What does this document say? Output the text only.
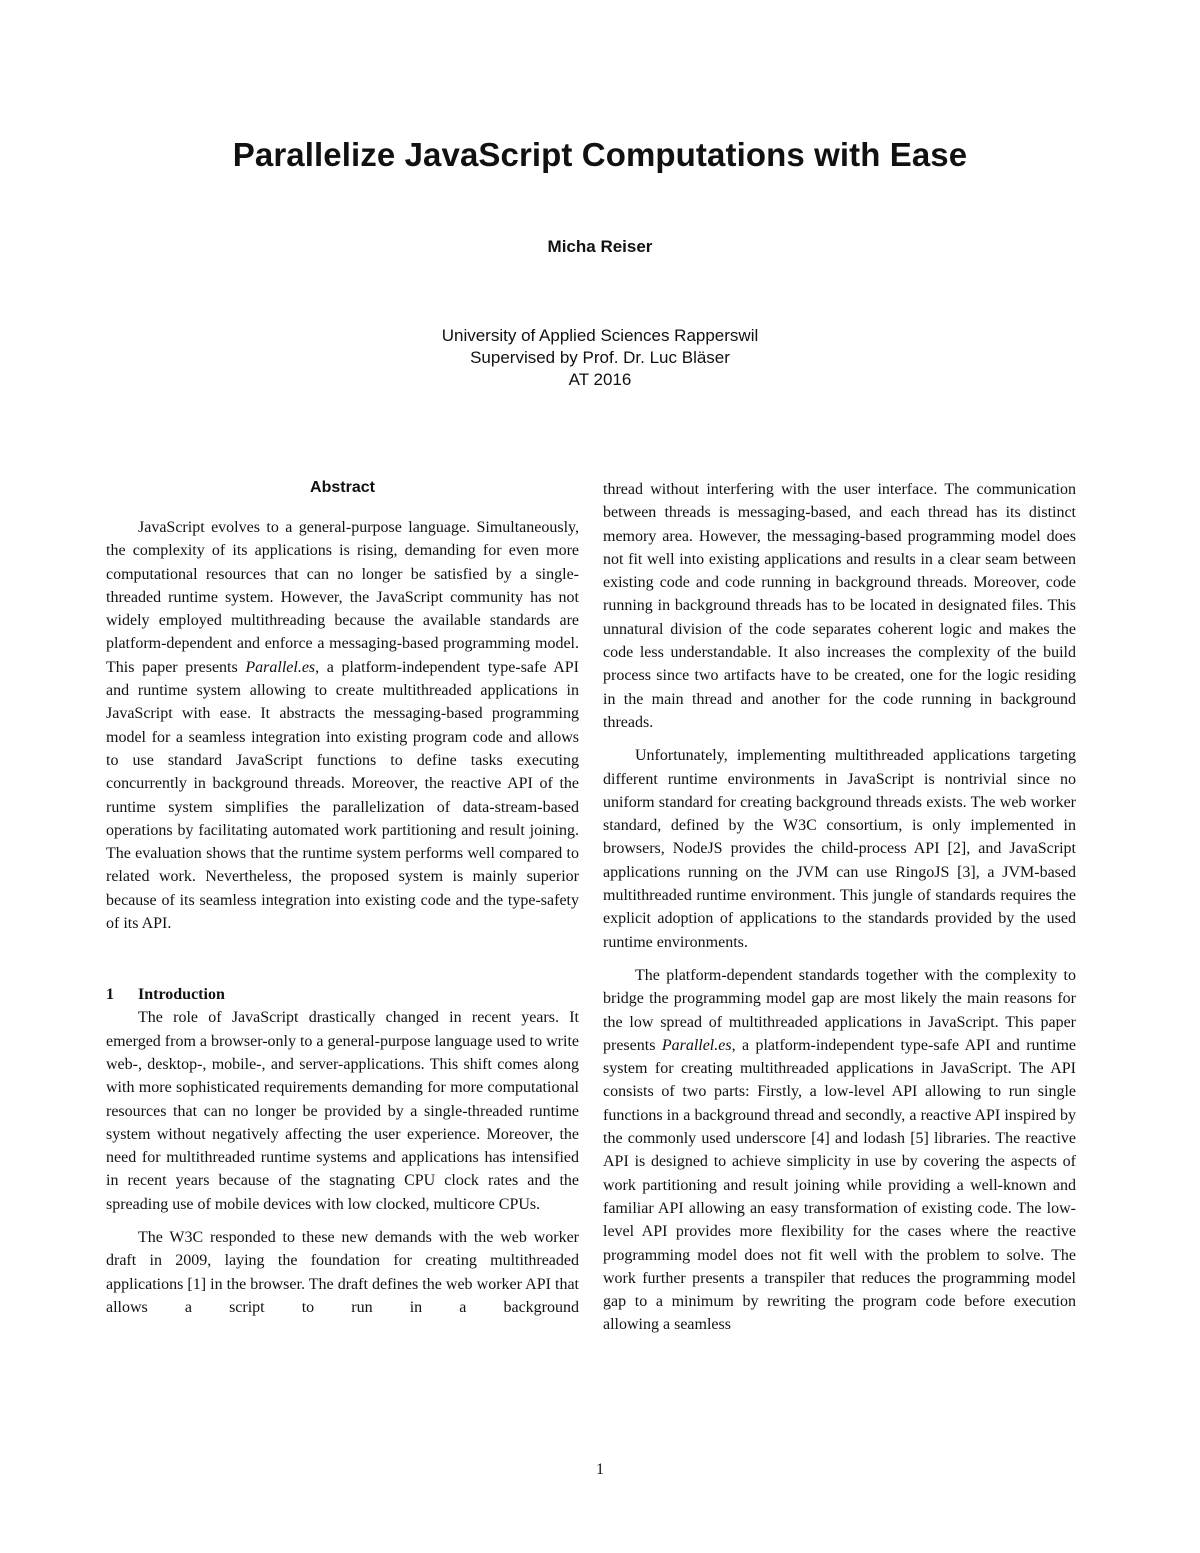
Parallelize JavaScript Computations with Ease
Micha Reiser
University of Applied Sciences Rapperswil
Supervised by Prof. Dr. Luc Bläser
AT 2016
Abstract

JavaScript evolves to a general-purpose language. Simultaneously, the complexity of its applications is rising, demanding for even more computational resources that can no longer be satisfied by a single-threaded runtime system. However, the JavaScript community has not widely employed multithreading because the available standards are platform-dependent and enforce a messaging-based programming model. This paper presents Parallel.es, a platform-independent type-safe API and runtime system allowing to create multithreaded applications in JavaScript with ease. It abstracts the messaging-based programming model for a seamless integration into existing program code and allows to use standard JavaScript functions to define tasks executing concurrently in background threads. Moreover, the reactive API of the runtime system simplifies the parallelization of data-stream-based operations by facilitating automated work partitioning and result joining. The evaluation shows that the runtime system performs well compared to related work. Nevertheless, the proposed system is mainly superior because of its seamless integration into existing code and the type-safety of its API.

1 Introduction

The role of JavaScript drastically changed in recent years. It emerged from a browser-only to a general-purpose language used to write web-, desktop-, mobile-, and server-applications. This shift comes along with more sophisticated requirements demanding for more computational resources that can no longer be provided by a single-threaded runtime system without negatively affecting the user experience. Moreover, the need for multithreaded runtime systems and applications has intensified in recent years because of the stagnating CPU clock rates and the spreading use of mobile devices with low clocked, multicore CPUs.

The W3C responded to these new demands with the web worker draft in 2009, laying the foundation for creating multithreaded applications [1] in the browser. The draft defines the web worker API that allows a script to run in a background

thread without interfering with the user interface. The communication between threads is messaging-based, and each thread has its distinct memory area. However, the messaging-based programming model does not fit well into existing applications and results in a clear seam between existing code and code running in background threads. Moreover, code running in background threads has to be located in designated files. This unnatural division of the code separates coherent logic and makes the code less understandable. It also increases the complexity of the build process since two artifacts have to be created, one for the logic residing in the main thread and another for the code running in background threads.

Unfortunately, implementing multithreaded applications targeting different runtime environments in JavaScript is nontrivial since no uniform standard for creating background threads exists. The web worker standard, defined by the W3C consortium, is only implemented in browsers, NodeJS provides the child-process API [2], and JavaScript applications running on the JVM can use RingoJS [3], a JVM-based multithreaded runtime environment. This jungle of standards requires the explicit adoption of applications to the standards provided by the used runtime environments.

The platform-dependent standards together with the complexity to bridge the programming model gap are most likely the main reasons for the low spread of multithreaded applications in JavaScript. This paper presents Parallel.es, a platform-independent type-safe API and runtime system for creating multithreaded applications in JavaScript. The API consists of two parts: Firstly, a low-level API allowing to run single functions in a background thread and secondly, a reactive API inspired by the commonly used underscore [4] and lodash [5] libraries. The reactive API is designed to achieve simplicity in use by covering the aspects of work partitioning and result joining while providing a well-known and familiar API allowing an easy transformation of existing code. The low-level API provides more flexibility for the cases where the reactive programming model does not fit well with the problem to solve. The work further presents a transpiler that reduces the programming model gap to a minimum by rewriting the program code before execution allowing a seamless

1
